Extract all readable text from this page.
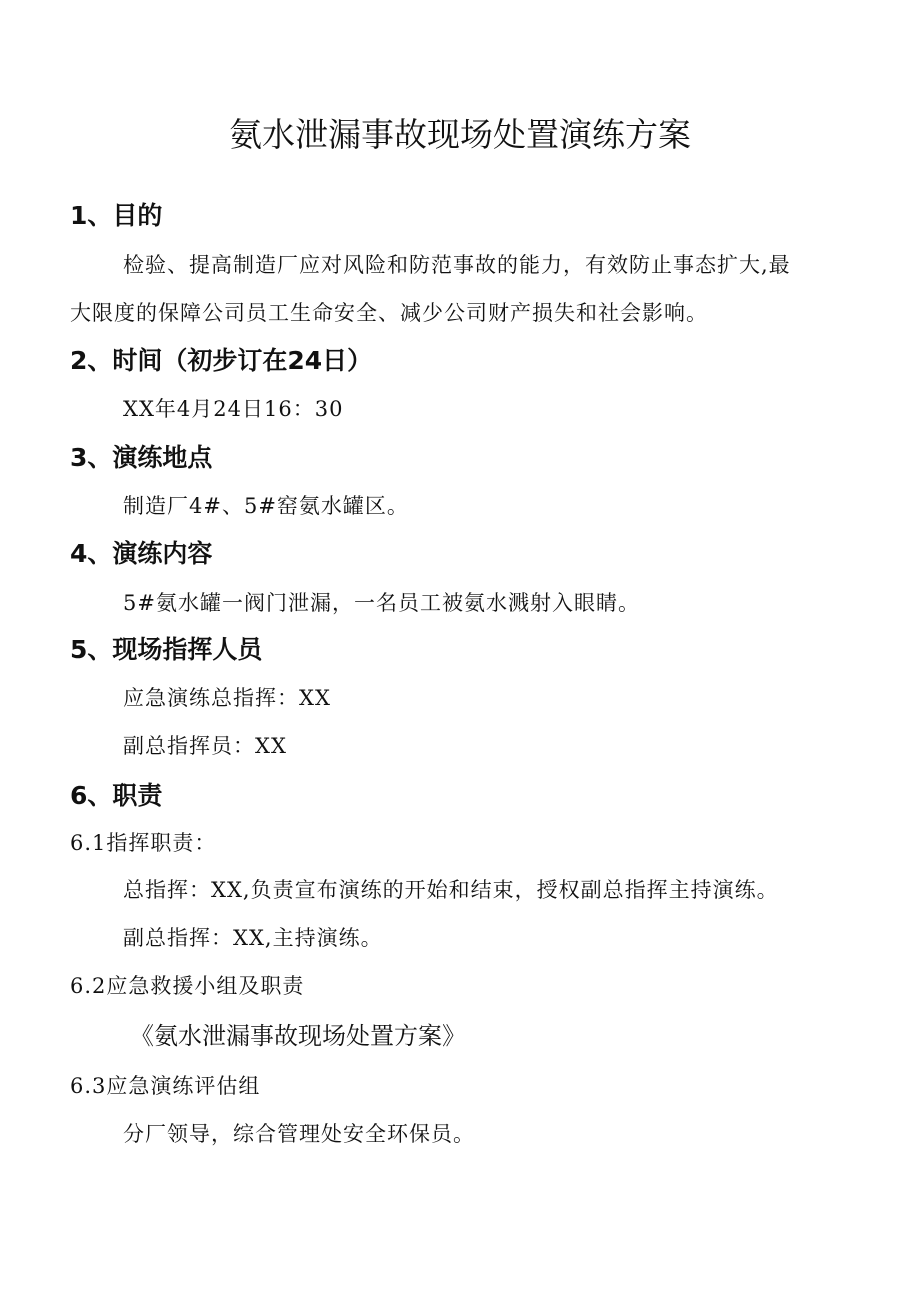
氨水泄漏事故现场处置演练方案
1、目的
检验、提高制造厂应对风险和防范事故的能力，有效防止事态扩大,最
大限度的保障公司员工生命安全、减少公司财产损失和社会影响。
2、时间（初步订在24日）
XX年4月24日16：30
3、演练地点
制造厂4#、5#窑氨水罐区。
4、演练内容
5#氨水罐一阀门泄漏，一名员工被氨水溅射入眼睛。
5、现场指挥人员
应急演练总指挥：XX
副总指挥员：XX
6、职责
6.1指挥职责：
总指挥：XX,负责宣布演练的开始和结束，授权副总指挥主持演练。
副总指挥：XX,主持演练。
6.2应急救援小组及职责
《氨水泄漏事故现场处置方案》
6.3应急演练评估组
分厂领导，综合管理处安全环保员。
